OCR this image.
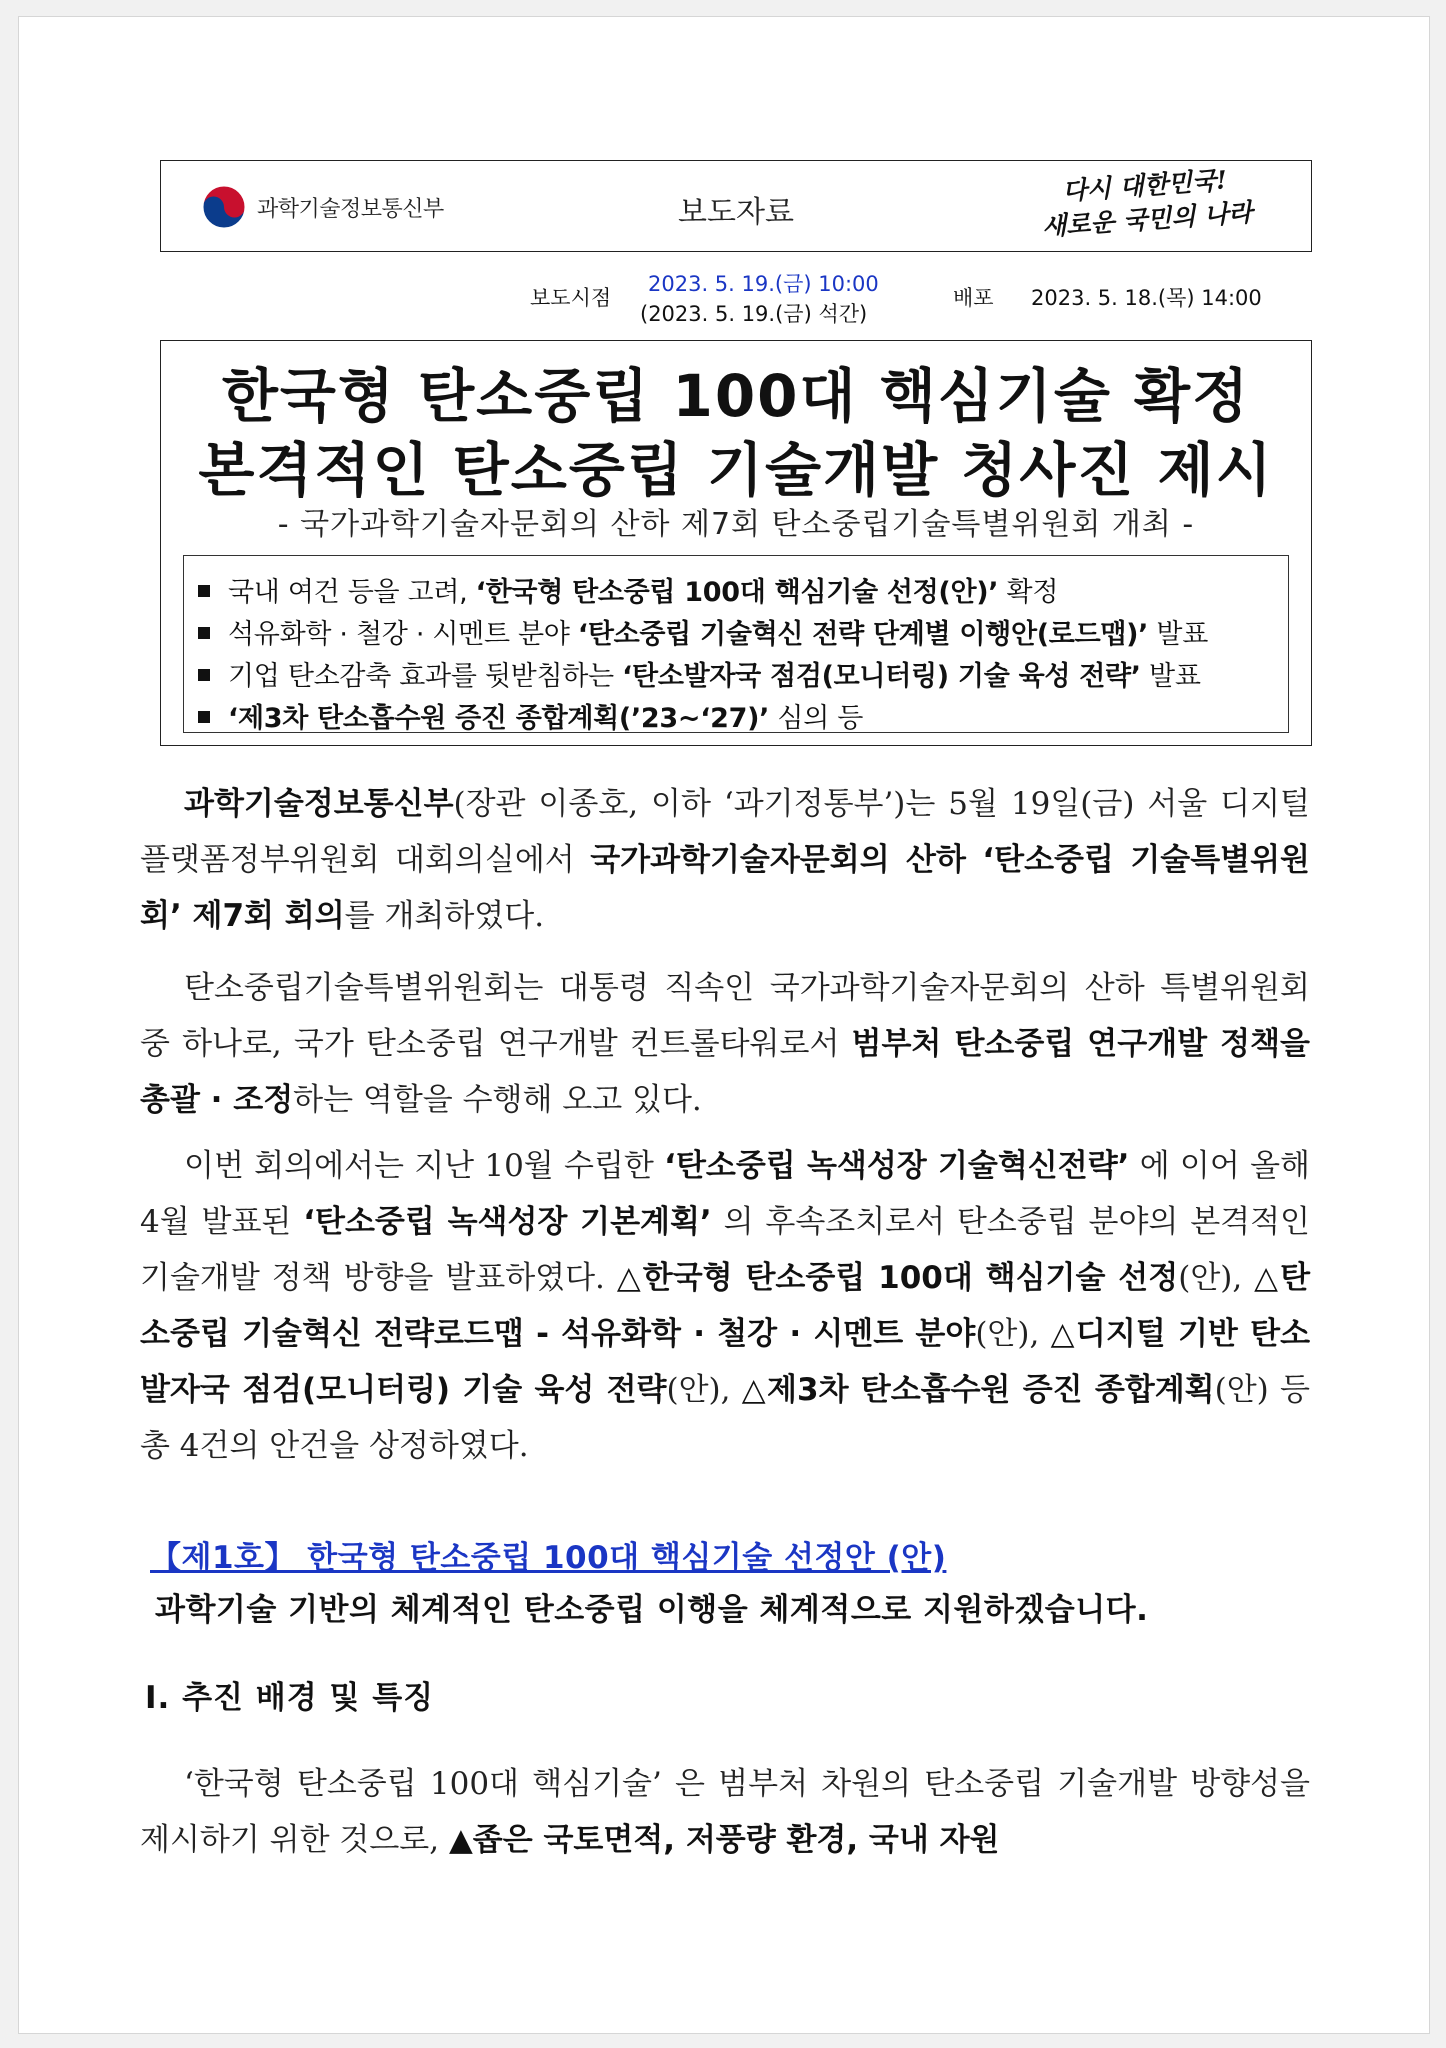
과학기술정보통신부	보도자료
다시 대한민국!
새로운 국민의 나라
보도시점
2023. 5. 19.(금) 10:00
(2023. 5. 19.(금) 석간)
배포 2023. 5. 18.(목) 14:00
한국형 탄소중립 100대 핵심기술 확정
본격적인 탄소중립 기술개발 청사진 제시
- 국가과학기술자문회의 산하 제7회 탄소중립기술특별위원회 개최 -
국내 여건 등을 고려, ‘한국형 탄소중립 100대 핵심기술 선정(안)’ 확정
석유화학 · 철강 · 시멘트 분야 ‘탄소중립 기술혁신 전략 단계별 이행안(로드맵)’ 발표
기업 탄소감축 효과를 뒷받침하는 ‘탄소발자국 점검(모니터링) 기술 육성 전략’ 발표
‘제3차 탄소흡수원 증진 종합계획(’23~‘27)’ 심의 등

과학기술정보통신부(장관 이종호, 이하 ‘과기정통부’)는 5월 19일(금) 서울 디지털플랫폼정부위원회 대회의실에서 국가과학기술자문회의 산하 ‘탄소중립 기술특별위원회’ 제7회 회의를 개최하였다.

탄소중립기술특별위원회는 대통령 직속인 국가과학기술자문회의 산하 특별위원회 중 하나로, 국가 탄소중립 연구개발 컨트롤타워로서 범부처 탄소중립 연구개발 정책을 총괄 · 조정하는 역할을 수행해 오고 있다.

이번 회의에서는 지난 10월 수립한 ‘탄소중립 녹색성장 기술혁신전략’ 에 이어 올해 4월 발표된 ‘탄소중립 녹색성장 기본계획’ 의 후속조치로서 탄소중립 분야의 본격적인 기술개발 정책 방향을 발표하였다. △한국형 탄소중립 100대 핵심기술 선정(안), △탄소중립 기술혁신 전략로드맵 - 석유화학 · 철강 · 시멘트 분야(안), △디지털 기반 탄소발자국 점검(모니터링) 기술 육성 전략(안), △제3차 탄소흡수원 증진 종합계획(안) 등 총 4건의 안건을 상정하였다.

【제1호】 한국형 탄소중립 100대 핵심기술 선정안 (안)
과학기술 기반의 체계적인 탄소중립 이행을 체계적으로 지원하겠습니다.
Ⅰ. 추진 배경 및 특징

‘한국형 탄소중립 100대 핵심기술’ 은 범부처 차원의 탄소중립 기술개발 방향성을 제시하기 위한 것으로, ▲좁은 국토면적, 저풍량 환경, 국내 자원
